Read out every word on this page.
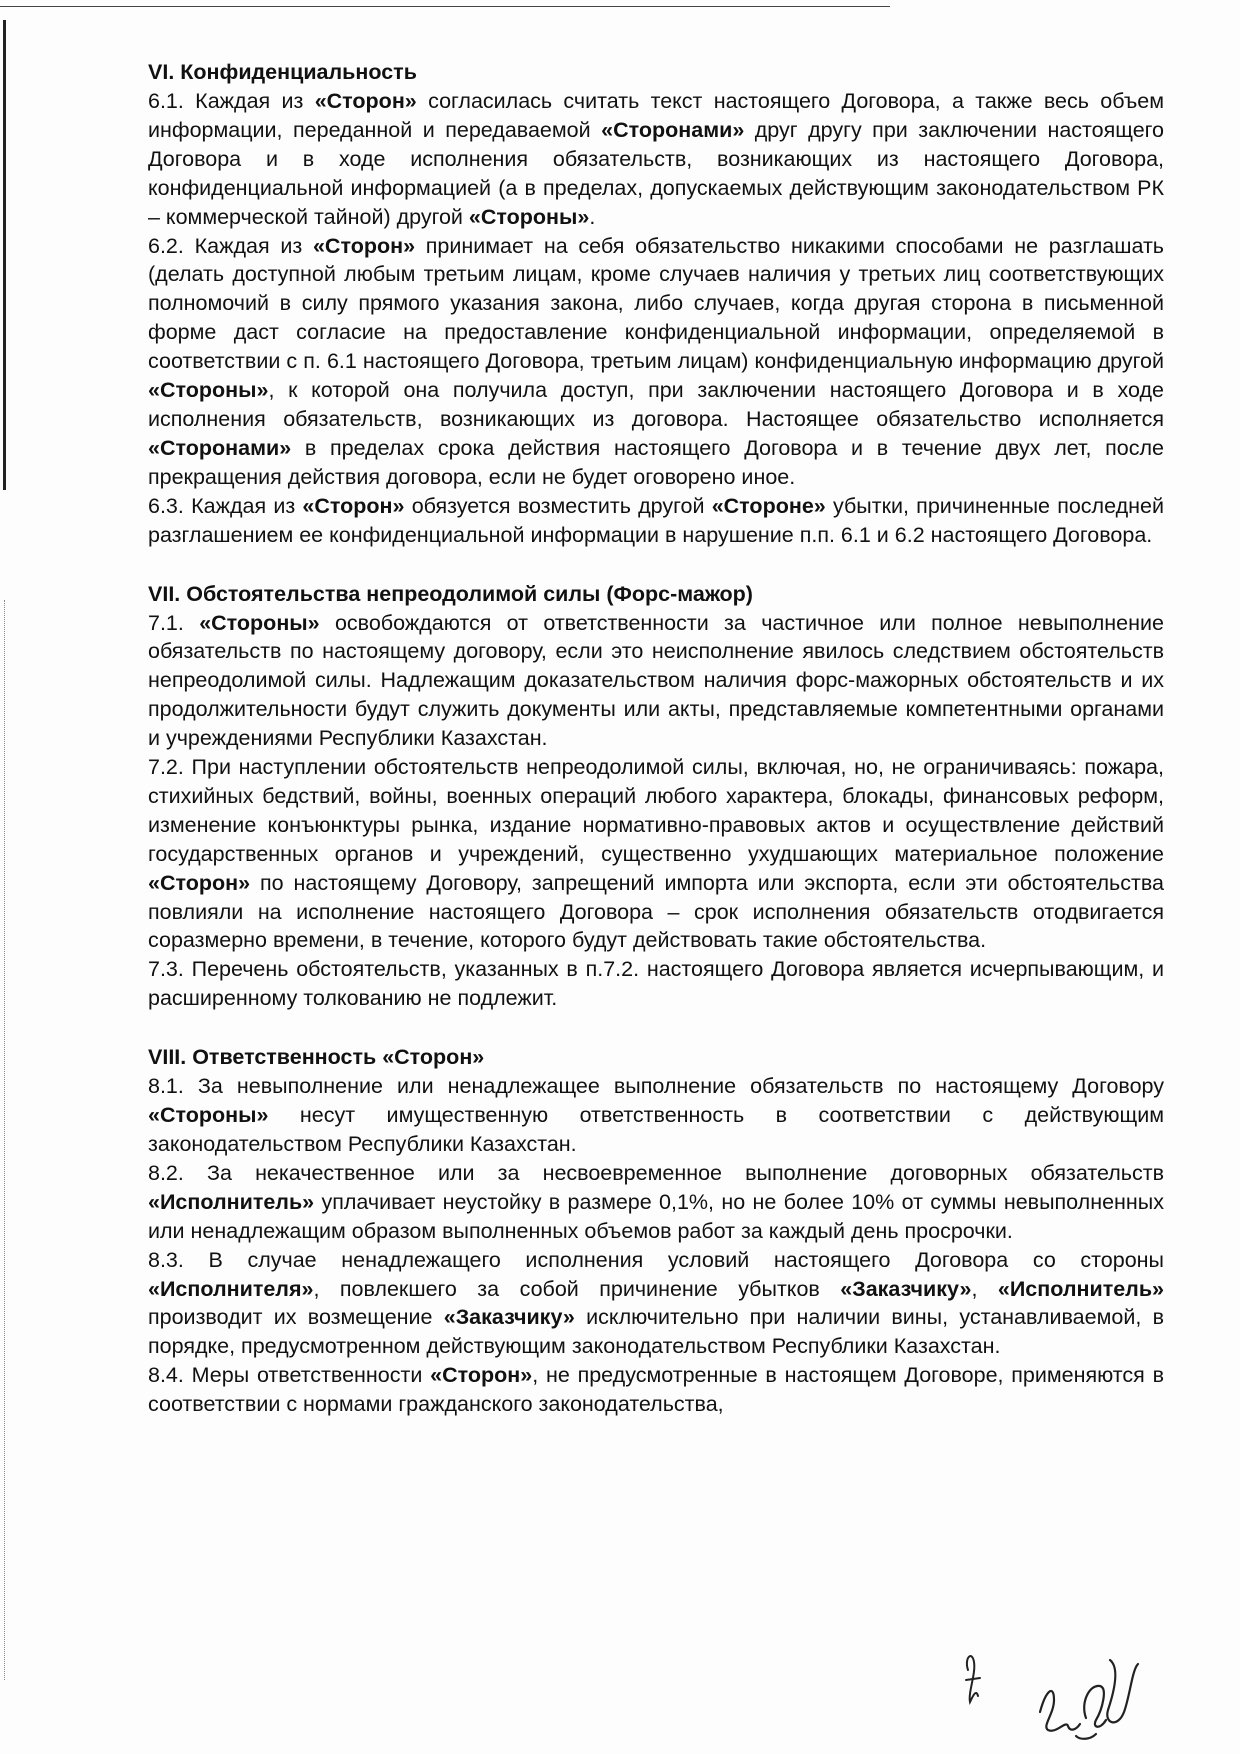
VI. Конфиденциальность

6.1. Каждая из «Сторон» согласилась считать текст настоящего Договора, а также весь объем информации, переданной и передаваемой «Сторонами» друг другу при заключении настоящего Договора и в ходе исполнения обязательств, возникающих из настоящего Договора, конфиденциальной информацией (а в пределах, допускаемых действующим законодательством РК – коммерческой тайной) другой «Стороны».

6.2. Каждая из «Сторон» принимает на себя обязательство никакими способами не разглашать (делать доступной любым третьим лицам, кроме случаев наличия у третьих лиц соответствующих полномочий в силу прямого указания закона, либо случаев, когда другая сторона в письменной форме даст согласие на предоставление конфиденциальной информации, определяемой в соответствии с п. 6.1 настоящего Договора, третьим лицам) конфиденциальную информацию другой «Стороны», к которой она получила доступ, при заключении настоящего Договора и в ходе исполнения обязательств, возникающих из договора. Настоящее обязательство исполняется «Сторонами» в пределах срока действия настоящего Договора и в течение двух лет, после прекращения действия договора, если не будет оговорено иное.

6.3. Каждая из «Сторон» обязуется возместить другой «Стороне» убытки, причиненные последней разглашением ее конфиденциальной информации в нарушение п.п. 6.1 и 6.2 настоящего Договора.

VII. Обстоятельства непреодолимой силы (Форс-мажор)

7.1. «Стороны» освобождаются от ответственности за частичное или полное невыполнение обязательств по настоящему договору, если это неисполнение явилось следствием обстоятельств непреодолимой силы. Надлежащим доказательством наличия форс-мажорных обстоятельств и их продолжительности будут служить документы или акты, представляемые компетентными органами и учреждениями Республики Казахстан.

7.2. При наступлении обстоятельств непреодолимой силы, включая, но, не ограничиваясь: пожара, стихийных бедствий, войны, военных операций любого характера, блокады, финансовых реформ, изменение конъюнктуры рынка, издание нормативно-правовых актов и осуществление действий государственных органов и учреждений, существенно ухудшающих материальное положение «Сторон» по настоящему Договору, запрещений импорта или экспорта, если эти обстоятельства повлияли на исполнение настоящего Договора – срок исполнения обязательств отодвигается соразмерно времени, в течение, которого будут действовать такие обстоятельства.

7.3. Перечень обстоятельств, указанных в п.7.2. настоящего Договора является исчерпывающим, и расширенному толкованию не подлежит.

VIII. Ответственность «Сторон»

8.1. За невыполнение или ненадлежащее выполнение обязательств по настоящему Договору «Стороны» несут имущественную ответственность в соответствии с действующим законодательством Республики Казахстан.

8.2. За некачественное или за несвоевременное выполнение договорных обязательств «Исполнитель» уплачивает неустойку в размере 0,1%, но не более 10% от суммы невыполненных или ненадлежащим образом выполненных объемов работ за каждый день просрочки.

8.3. В случае ненадлежащего исполнения условий настоящего Договора со стороны «Исполнителя», повлекшего за собой причинение убытков «Заказчику», «Исполнитель» производит их возмещение «Заказчику» исключительно при наличии вины, устанавливаемой, в порядке, предусмотренном действующим законодательством Республики Казахстан.

8.4. Меры ответственности «Сторон», не предусмотренные в настоящем Договоре, применяются в соответствии с нормами гражданского законодательства,
